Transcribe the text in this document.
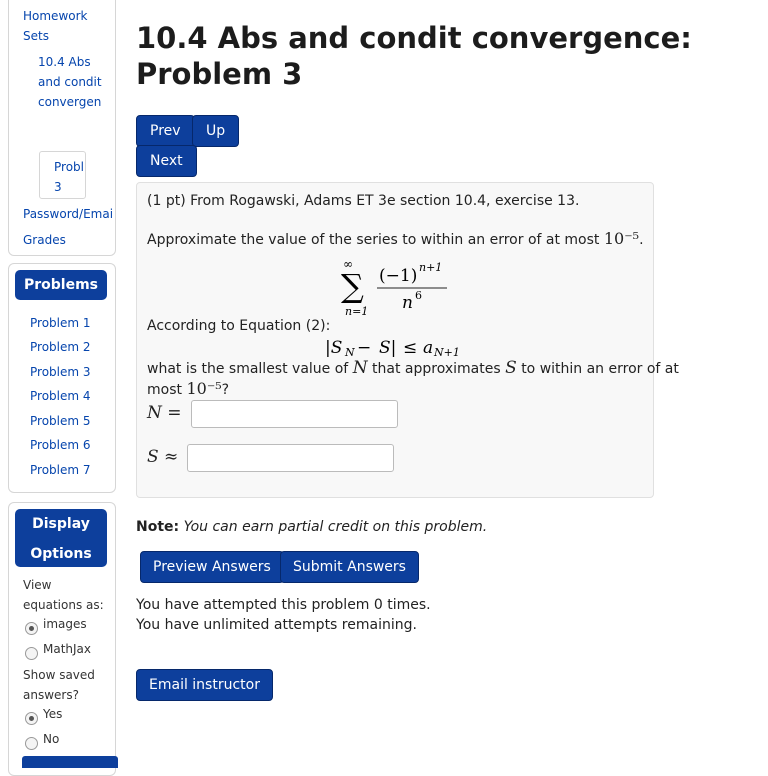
Homework Sets
10.4 Abs and condit convergen
Probl
3
Password/Emai
Grades
Problems
Problem 1
Problem 2
Problem 3
Problem 4
Problem 5
Problem 6
Problem 7
Display
Options
View equations as:
images
MathJax
Show saved answers?
Yes
No
10.4 Abs and condit convergence: Problem 3
Prev	Up
Next
(1 pt) From Rogawski, Adams ET 3e section 10.4, exercise 13.
Approximate the value of the series to within an error of at most 10⁻⁵.
∞
∑
n=1
(−1) n+1
n 6
According to Equation (2):
|S N − S| ≤ a N+1
what is the smallest value of N that approximates S to within an error of at
most 10⁻⁵?
N =
S ≈
Note: You can earn partial credit on this problem.
Preview Answers	Submit Answers
You have attempted this problem 0 times.
You have unlimited attempts remaining.
Email instructor
